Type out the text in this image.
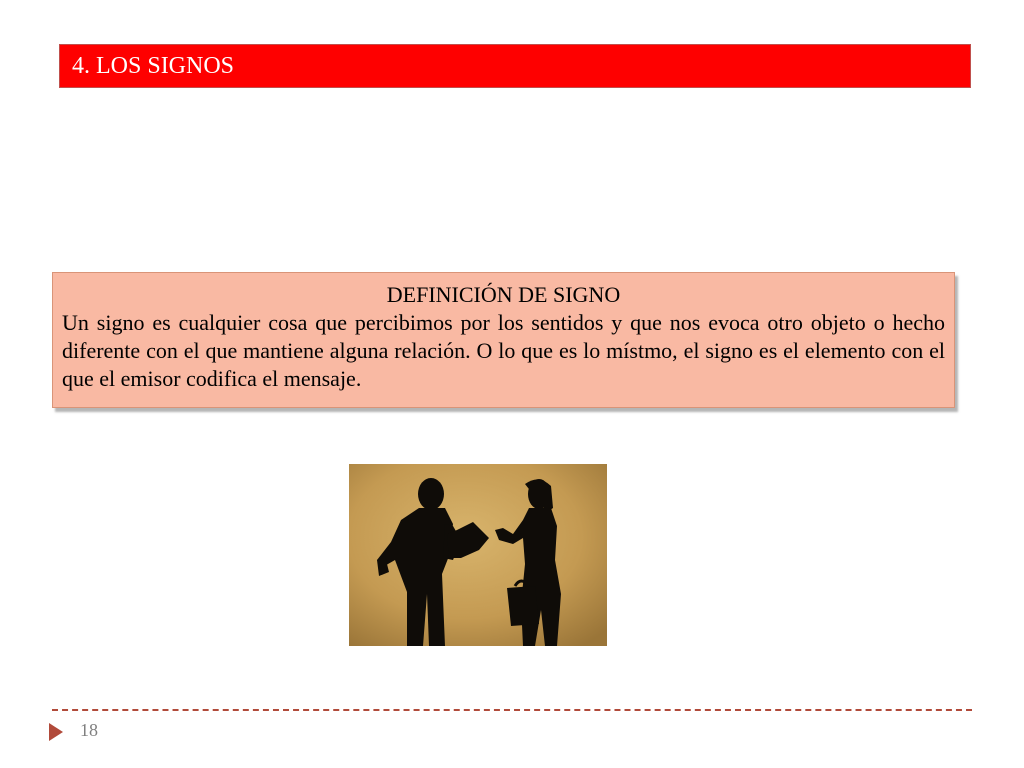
4. LOS SIGNOS
DEFINICIÓN DE SIGNO
Un signo es cualquier cosa que percibimos por los sentidos y que nos evoca otro objeto o hecho diferente con el que mantiene alguna relación. O lo que es lo místmo, el signo es el elemento con el que el emisor codifica el mensaje.
18
